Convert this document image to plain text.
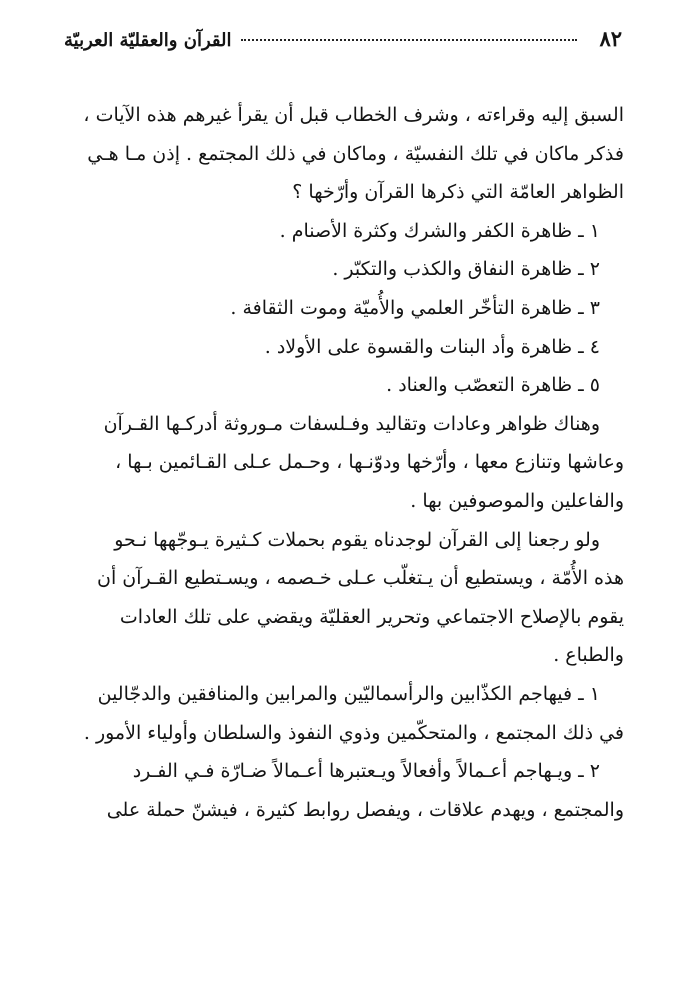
٨٢
القرآن والعقليّة العربيّة

السبق إليه وقراءته ، وشرف الخطاب قبل أن يقرأ غيرهم هذه الآيات ،

فذكر ماكان في تلك النفسيّة ، وماكان في ذلك المجتمع . إذن مـا هـي

الظواهر العامّة التي ذكرها القرآن وأرّخها ؟

١ ـ ظاهرة الكفر والشرك وكثرة الأصنام .

٢ ـ ظاهرة النفاق والكذب والتكبّر .

٣ ـ ظاهرة التأخّر العلمي والأُميّة وموت الثقافة .

٤ ـ ظاهرة وأد البنات والقسوة على الأولاد .

٥ ـ ظاهرة التعصّب والعناد .

وهناك ظواهر وعادات وتقاليد وفـلسفات مـوروثة أدركـها القـرآن

وعاشها وتنازع معها ، وأرّخها ودوّنـها ، وحـمل عـلى القـائمين بـها ،

والفاعلين والموصوفين بها .

ولو رجعنا إلى القرآن لوجدناه يقوم بحملات كـثيرة يـوجّهها نـحو

هذه الأُمّة ، ويستطيع أن يـتغلّب عـلى خـصمه ، ويسـتطيع القـرآن أن

يقوم بالإصلاح الاجتماعي وتحرير العقليّة ويقضي على تلك العادات

والطباع .

١ ـ فيهاجم الكذّابين والرأسماليّين والمرابين والمنافقين والدجّالين

في ذلك المجتمع ، والمتحكّمين وذوي النفوذ والسلطان وأولياء الأمور .

٢ ـ ويـهاجم أعـمالاً وأفعالاً ويـعتبرها أعـمالاً ضـارّة فـي الفـرد

والمجتمع ، ويهدم علاقات ، ويفصل روابط كثيرة ، فيشنّ حملة على
